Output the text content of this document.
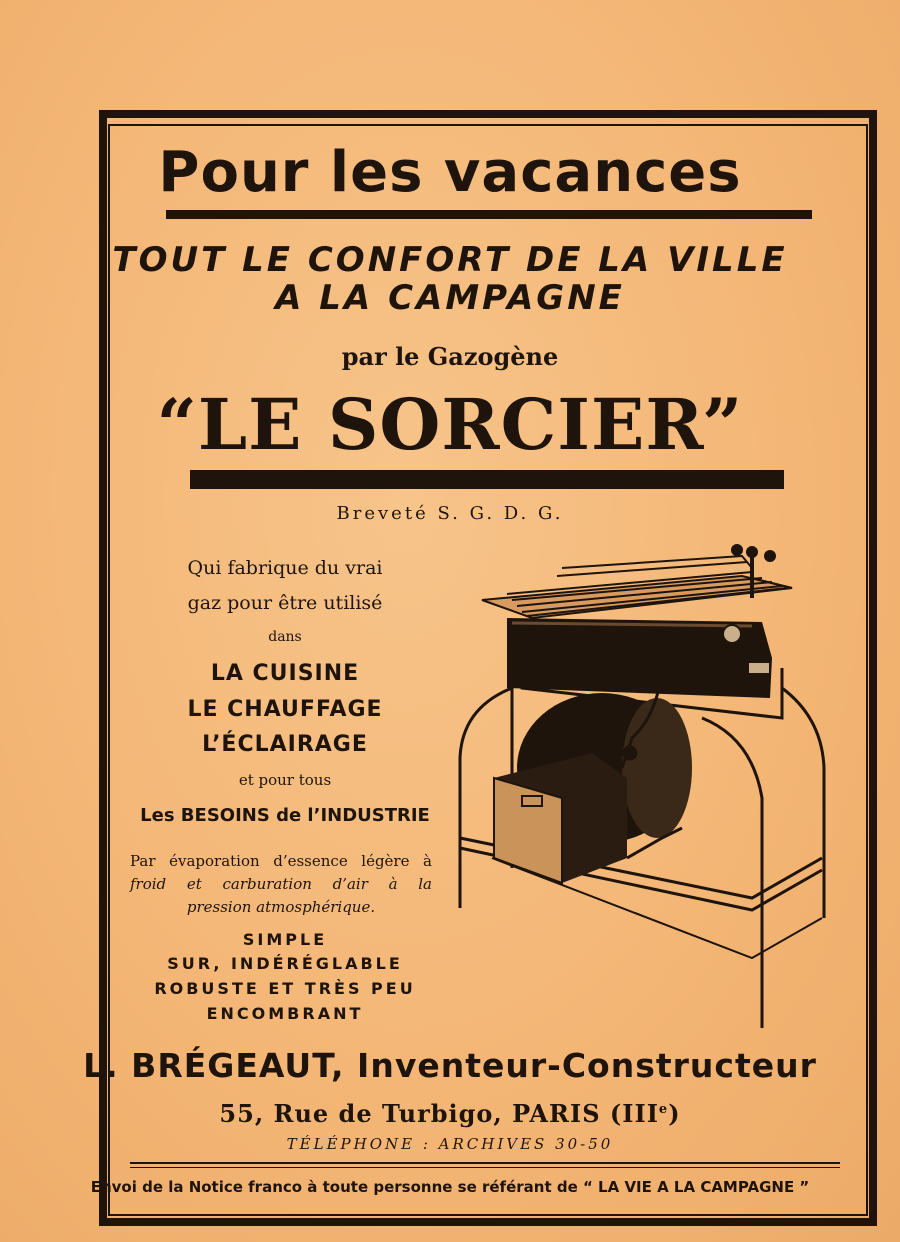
Pour les vacances
TOUT LE CONFORT DE LA VILLE
A LA CAMPAGNE
par le Gazogène
“LE SORCIER”
Breveté S. G. D. G.
Qui fabrique du vrai
gaz pour être utilisé
dans
LA CUISINE
LE CHAUFFAGE
L’ÉCLAIRAGE
et pour tous
Les BESOINS de l’INDUSTRIE

Par évaporation d’essence légère à
froid et carburation d’air à la
pression atmosphérique.

SIMPLE
SUR, INDÉRÉGLABLE
ROBUSTE ET TRÈS PEU
ENCOMBRANT
L. BRÉGEAUT, Inventeur-Constructeur
55, Rue de Turbigo, PARIS (IIIe)
TÉLÉPHONE : ARCHIVES 30-50
Envoi de la Notice franco à toute personne se référant de “ LA VIE A LA CAMPAGNE ”
